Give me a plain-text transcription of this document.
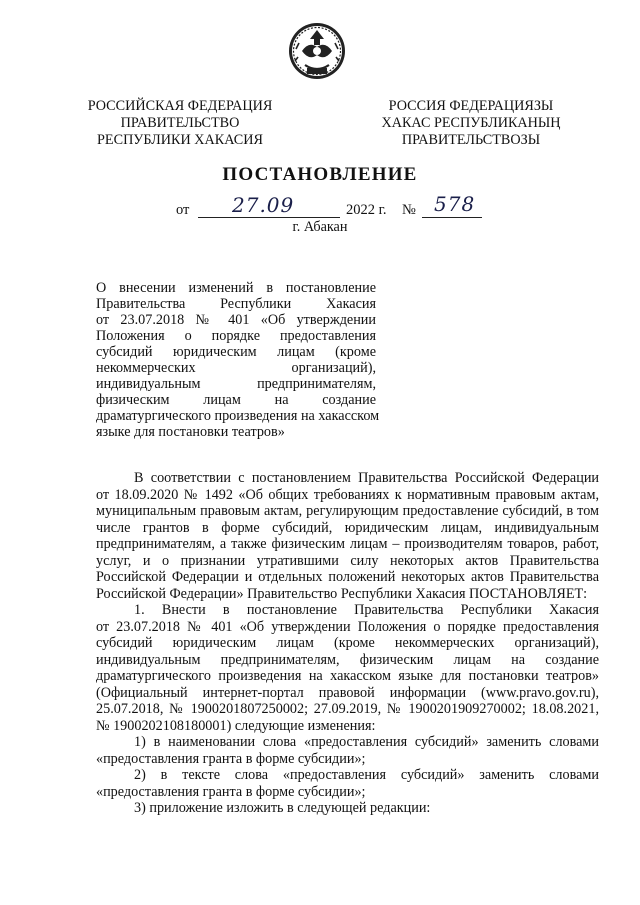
РОССИЙСКАЯ ФЕДЕРАЦИЯ
ПРАВИТЕЛЬСТВО
РЕСПУБЛИКИ ХАКАСИЯ
РОССИЯ ФЕДЕРАЦИЯЗЫ
ХАКАС РЕСПУБЛИКАНЫҢ
ПРАВИТЕЛЬСТВОЗЫ
ПОСТАНОВЛЕНИЕ
от 27.09	2022 г. № 578
г. Абакан
О внесении изменений в постановление
Правительства Республики Хакасия
от 23.07.2018 № 401 «Об утверждении
Положения о порядке предоставления
субсидий юридическим лицам (кроме
некоммерческих организаций),
индивидуальным предпринимателям,
физическим лицам на создание
драматургического произведения на хакасском
языке для постановки театров»
В соответствии с постановлением Правительства Российской Федерации
от 18.09.2020 № 1492 «Об общих требованиях к нормативным правовым актам,
муниципальным правовым актам, регулирующим предоставление субсидий, в том
числе грантов в форме субсидий, юридическим лицам, индивидуальным
предпринимателям, а также физическим лицам – производителям товаров, работ,
услуг, и о признании утратившими силу некоторых актов Правительства
Российской Федерации и отдельных положений некоторых актов Правительства
Российской Федерации» Правительство Республики Хакасия ПОСТАНОВЛЯЕТ:
1. Внести в постановление Правительства Республики Хакасия
от 23.07.2018 № 401 «Об утверждении Положения о порядке предоставления
субсидий юридическим лицам (кроме некоммерческих организаций),
индивидуальным предпринимателям, физическим лицам на создание
драматургического произведения на хакасском языке для постановки театров»
(Официальный интернет-портал правовой информации (www.pravo.gov.ru),
25.07.2018, № 1900201807250002; 27.09.2019, № 1900201909270002; 18.08.2021,
№ 1900202108180001) следующие изменения:
1) в наименовании слова «предоставления субсидий» заменить словами
«предоставления гранта в форме субсидии»;
2) в тексте слова «предоставления субсидий» заменить словами
«предоставления гранта в форме субсидии»;
3) приложение изложить в следующей редакции:
